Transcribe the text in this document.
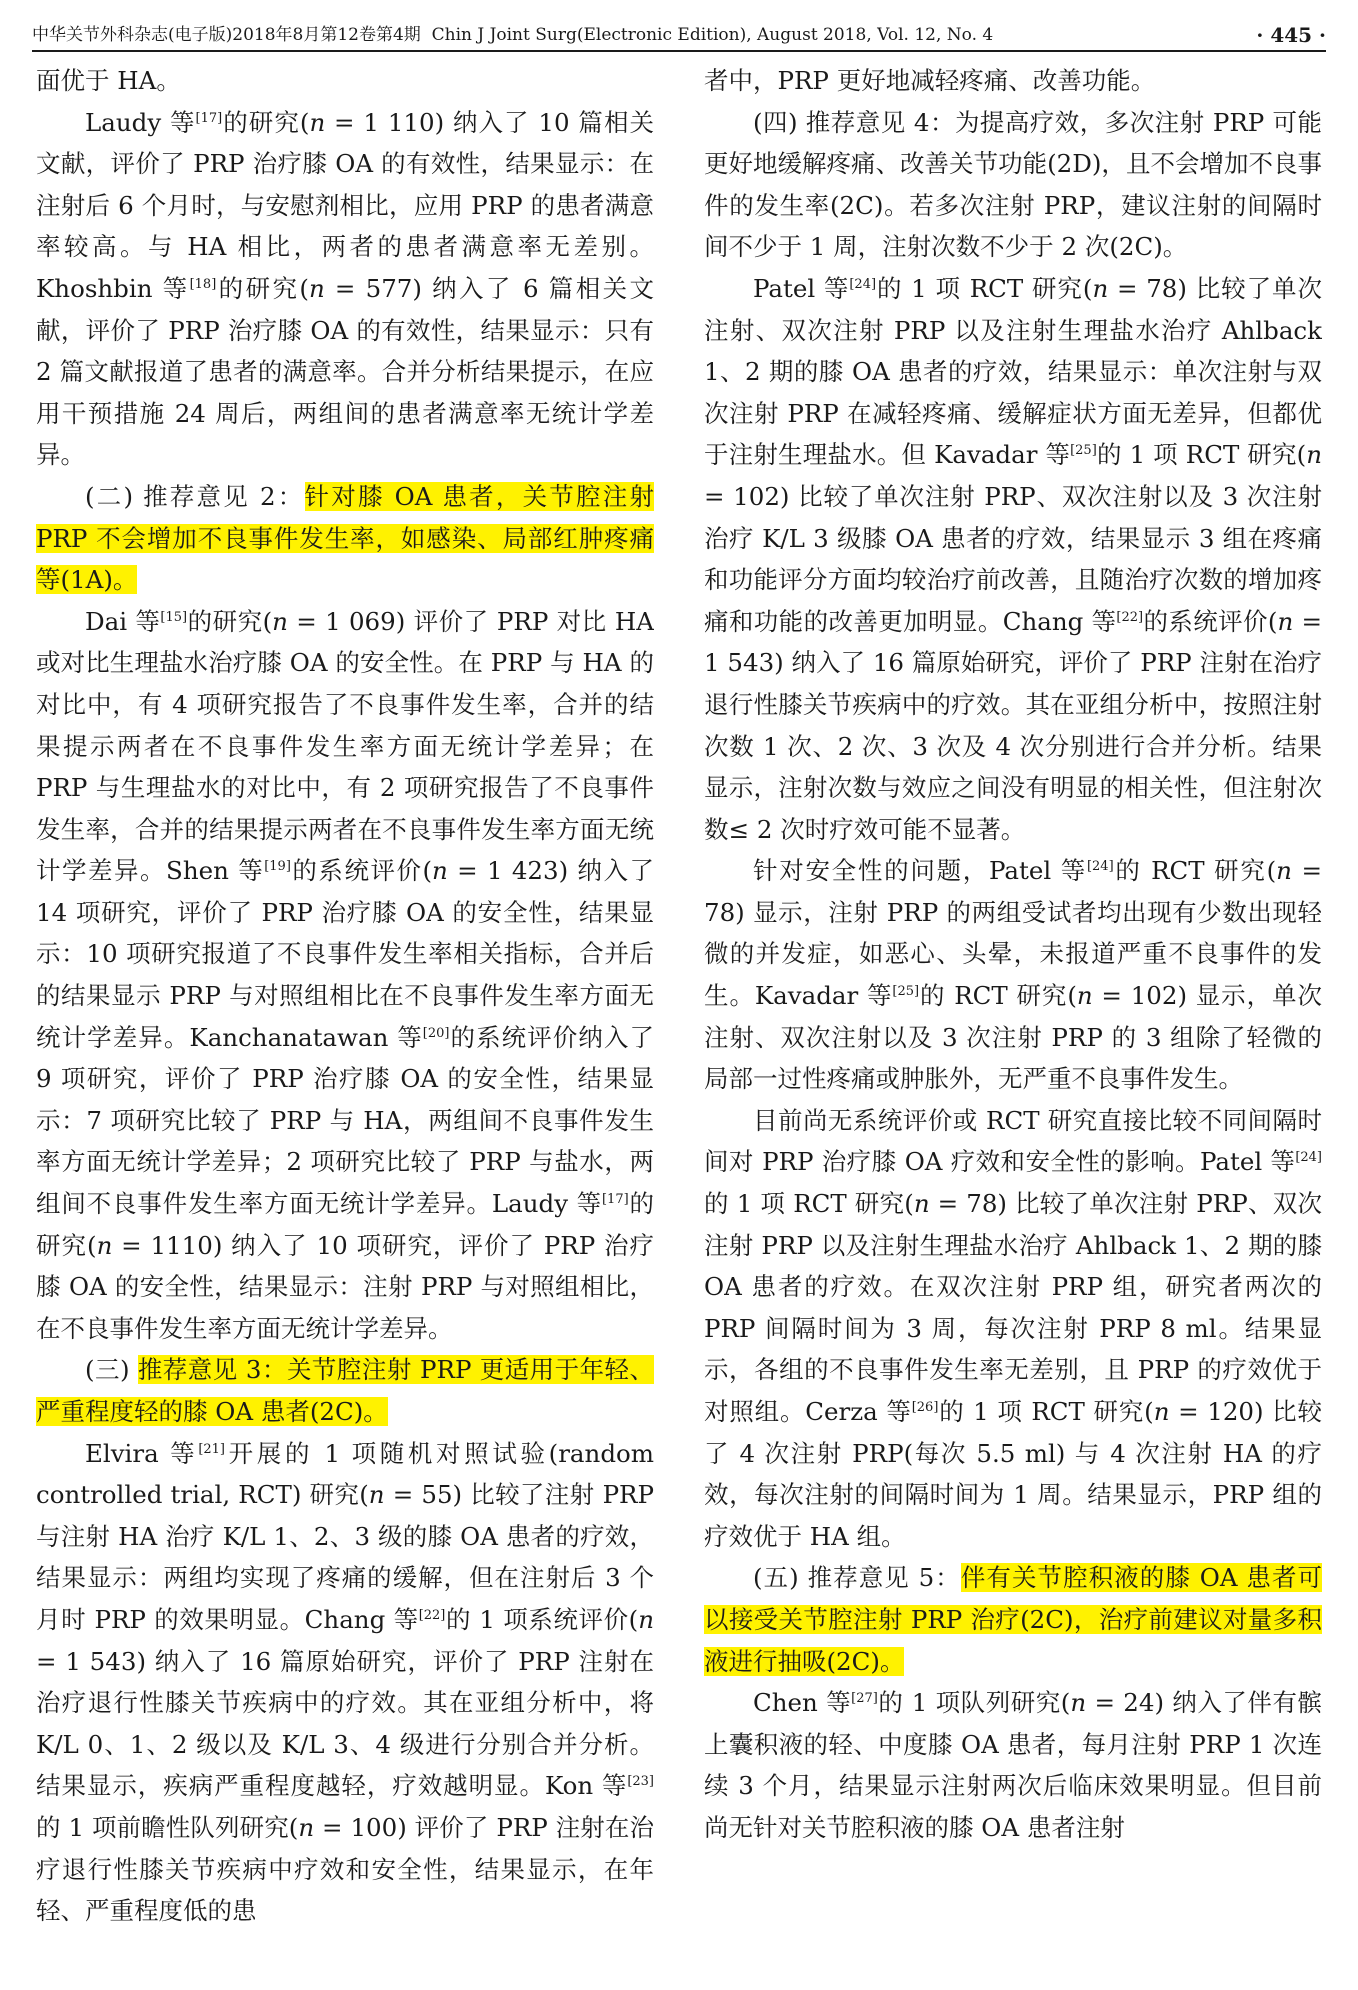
中华关节外科杂志(电子版)2018年8月第12卷第4期 Chin J Joint Surg(Electronic Edition), August 2018, Vol. 12, No. 4	· 445 ·

面优于 HA。

Laudy 等[17]的研究(n = 1 110) 纳入了 10 篇相关文献，评价了 PRP 治疗膝 OA 的有效性，结果显示：在注射后 6 个月时，与安慰剂相比，应用 PRP 的患者满意率较高。与 HA 相比，两者的患者满意率无差别。Khoshbin 等[18]的研究(n = 577) 纳入了 6 篇相关文献，评价了 PRP 治疗膝 OA 的有效性，结果显示：只有 2 篇文献报道了患者的满意率。合并分析结果提示，在应用干预措施 24 周后，两组间的患者满意率无统计学差异。

(二) 推荐意见 2：针对膝 OA 患者，关节腔注射 PRP 不会增加不良事件发生率，如感染、局部红肿疼痛等(1A)。

Dai 等[15]的研究(n = 1 069) 评价了 PRP 对比 HA 或对比生理盐水治疗膝 OA 的安全性。在 PRP 与 HA 的对比中，有 4 项研究报告了不良事件发生率，合并的结果提示两者在不良事件发生率方面无统计学差异；在 PRP 与生理盐水的对比中，有 2 项研究报告了不良事件发生率，合并的结果提示两者在不良事件发生率方面无统计学差异。Shen 等[19]的系统评价(n = 1 423) 纳入了 14 项研究，评价了 PRP 治疗膝 OA 的安全性，结果显示：10 项研究报道了不良事件发生率相关指标，合并后的结果显示 PRP 与对照组相比在不良事件发生率方面无统计学差异。Kanchanatawan 等[20]的系统评价纳入了 9 项研究，评价了 PRP 治疗膝 OA 的安全性，结果显示：7 项研究比较了 PRP 与 HA，两组间不良事件发生率方面无统计学差异；2 项研究比较了 PRP 与盐水，两组间不良事件发生率方面无统计学差异。Laudy 等[17]的研究(n = 1110) 纳入了 10 项研究，评价了 PRP 治疗膝 OA 的安全性，结果显示：注射 PRP 与对照组相比，在不良事件发生率方面无统计学差异。

(三) 推荐意见 3：关节腔注射 PRP 更适用于年轻、严重程度轻的膝 OA 患者(2C)。

Elvira 等[21]开展的 1 项随机对照试验(random controlled trial, RCT) 研究(n = 55) 比较了注射 PRP 与注射 HA 治疗 K/L 1、2、3 级的膝 OA 患者的疗效，结果显示：两组均实现了疼痛的缓解，但在注射后 3 个月时 PRP 的效果明显。Chang 等[22]的 1 项系统评价(n = 1 543) 纳入了 16 篇原始研究，评价了 PRP 注射在治疗退行性膝关节疾病中的疗效。其在亚组分析中，将 K/L 0、1、2 级以及 K/L 3、4 级进行分别合并分析。结果显示，疾病严重程度越轻，疗效越明显。Kon 等[23]的 1 项前瞻性队列研究(n = 100) 评价了 PRP 注射在治疗退行性膝关节疾病中疗效和安全性，结果显示，在年轻、严重程度低的患

者中，PRP 更好地减轻疼痛、改善功能。

(四) 推荐意见 4：为提高疗效，多次注射 PRP 可能更好地缓解疼痛、改善关节功能(2D)，且不会增加不良事件的发生率(2C)。若多次注射 PRP，建议注射的间隔时间不少于 1 周，注射次数不少于 2 次(2C)。

Patel 等[24]的 1 项 RCT 研究(n = 78) 比较了单次注射、双次注射 PRP 以及注射生理盐水治疗 Ahlback 1、2 期的膝 OA 患者的疗效，结果显示：单次注射与双次注射 PRP 在减轻疼痛、缓解症状方面无差异，但都优于注射生理盐水。但 Kavadar 等[25]的 1 项 RCT 研究(n = 102) 比较了单次注射 PRP、双次注射以及 3 次注射治疗 K/L 3 级膝 OA 患者的疗效，结果显示 3 组在疼痛和功能评分方面均较治疗前改善，且随治疗次数的增加疼痛和功能的改善更加明显。Chang 等[22]的系统评价(n = 1 543) 纳入了 16 篇原始研究，评价了 PRP 注射在治疗退行性膝关节疾病中的疗效。其在亚组分析中，按照注射次数 1 次、2 次、3 次及 4 次分别进行合并分析。结果显示，注射次数与效应之间没有明显的相关性，但注射次数≤ 2 次时疗效可能不显著。

针对安全性的问题，Patel 等[24]的 RCT 研究(n = 78) 显示，注射 PRP 的两组受试者均出现有少数出现轻微的并发症，如恶心、头晕，未报道严重不良事件的发生。Kavadar 等[25]的 RCT 研究(n = 102) 显示，单次注射、双次注射以及 3 次注射 PRP 的 3 组除了轻微的局部一过性疼痛或肿胀外，无严重不良事件发生。

目前尚无系统评价或 RCT 研究直接比较不同间隔时间对 PRP 治疗膝 OA 疗效和安全性的影响。Patel 等[24]的 1 项 RCT 研究(n = 78) 比较了单次注射 PRP、双次注射 PRP 以及注射生理盐水治疗 Ahlback 1、2 期的膝 OA 患者的疗效。在双次注射 PRP 组，研究者两次的 PRP 间隔时间为 3 周，每次注射 PRP 8 ml。结果显示，各组的不良事件发生率无差别，且 PRP 的疗效优于对照组。Cerza 等[26]的 1 项 RCT 研究(n = 120) 比较了 4 次注射 PRP(每次 5.5 ml) 与 4 次注射 HA 的疗效，每次注射的间隔时间为 1 周。结果显示，PRP 组的疗效优于 HA 组。

(五) 推荐意见 5：伴有关节腔积液的膝 OA 患者可以接受关节腔注射 PRP 治疗(2C)，治疗前建议对量多积液进行抽吸(2C)。

Chen 等[27]的 1 项队列研究(n = 24) 纳入了伴有髌上囊积液的轻、中度膝 OA 患者，每月注射 PRP 1 次连续 3 个月，结果显示注射两次后临床效果明显。但目前尚无针对关节腔积液的膝 OA 患者注射
